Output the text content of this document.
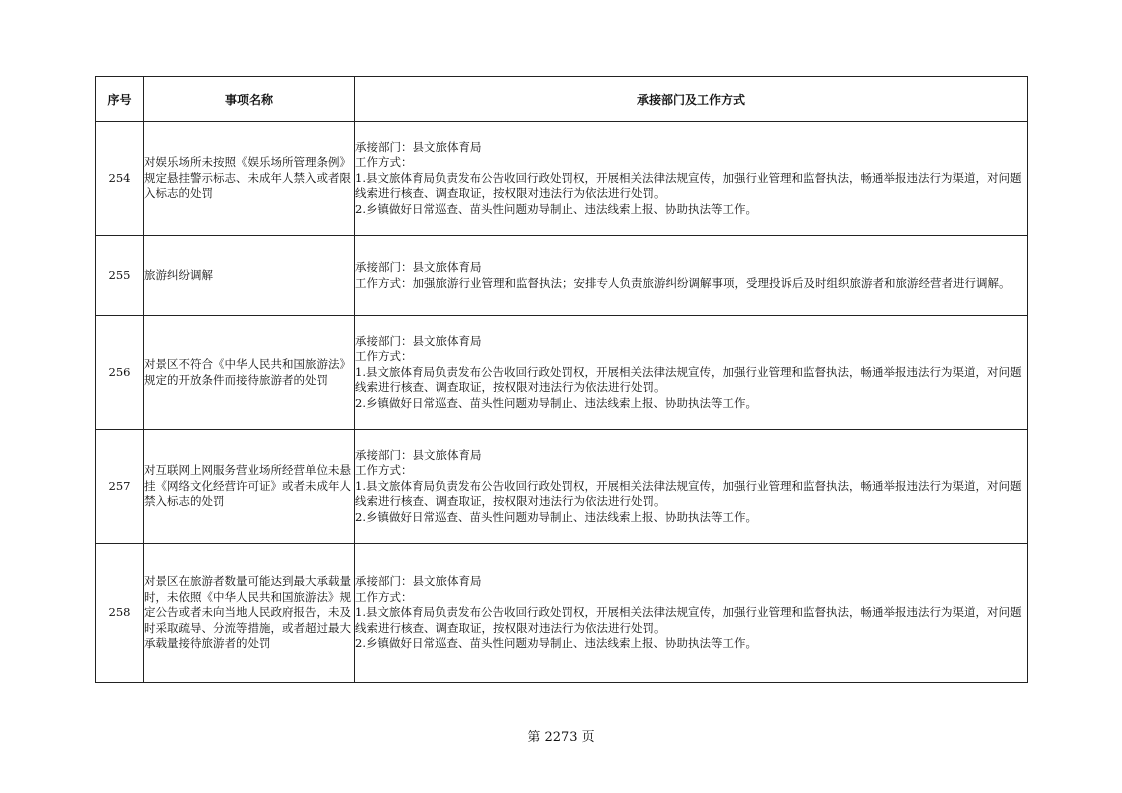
序号	事项名称	承接部门及工作方式
254	对娱乐场所未按照《娱乐场所管理条例》规定悬挂警示标志、未成年人禁入或者限入标志的处罚	承接部门：县文旅体育局
工作方式：
1.县文旅体育局负责发布公告收回行政处罚权，开展相关法律法规宣传，加强行业管理和监督执法，畅通举报违法行为渠道，对问题线索进行核查、调查取证，按权限对违法行为依法进行处罚。
2.乡镇做好日常巡查、苗头性问题劝导制止、违法线索上报、协助执法等工作。

255	旅游纠纷调解	承接部门：县文旅体育局
工作方式：加强旅游行业管理和监督执法；安排专人负责旅游纠纷调解事项，受理投诉后及时组织旅游者和旅游经营者进行调解。

256	对景区不符合《中华人民共和国旅游法》规定的开放条件而接待旅游者的处罚	承接部门：县文旅体育局
工作方式：
1.县文旅体育局负责发布公告收回行政处罚权，开展相关法律法规宣传，加强行业管理和监督执法，畅通举报违法行为渠道，对问题线索进行核查、调查取证，按权限对违法行为依法进行处罚。
2.乡镇做好日常巡查、苗头性问题劝导制止、违法线索上报、协助执法等工作。

257	对互联网上网服务营业场所经营单位未悬挂《网络文化经营许可证》或者未成年人禁入标志的处罚	承接部门：县文旅体育局
工作方式：
1.县文旅体育局负责发布公告收回行政处罚权，开展相关法律法规宣传，加强行业管理和监督执法，畅通举报违法行为渠道，对问题线索进行核查、调查取证，按权限对违法行为依法进行处罚。
2.乡镇做好日常巡查、苗头性问题劝导制止、违法线索上报、协助执法等工作。

258	对景区在旅游者数量可能达到最大承载量时，未依照《中华人民共和国旅游法》规定公告或者未向当地人民政府报告，未及时采取疏导、分流等措施，或者超过最大承载量接待旅游者的处罚	承接部门：县文旅体育局
工作方式：
1.县文旅体育局负责发布公告收回行政处罚权，开展相关法律法规宣传，加强行业管理和监督执法，畅通举报违法行为渠道，对问题线索进行核查、调查取证，按权限对违法行为依法进行处罚。
2.乡镇做好日常巡查、苗头性问题劝导制止、违法线索上报、协助执法等工作。
第 2273 页
